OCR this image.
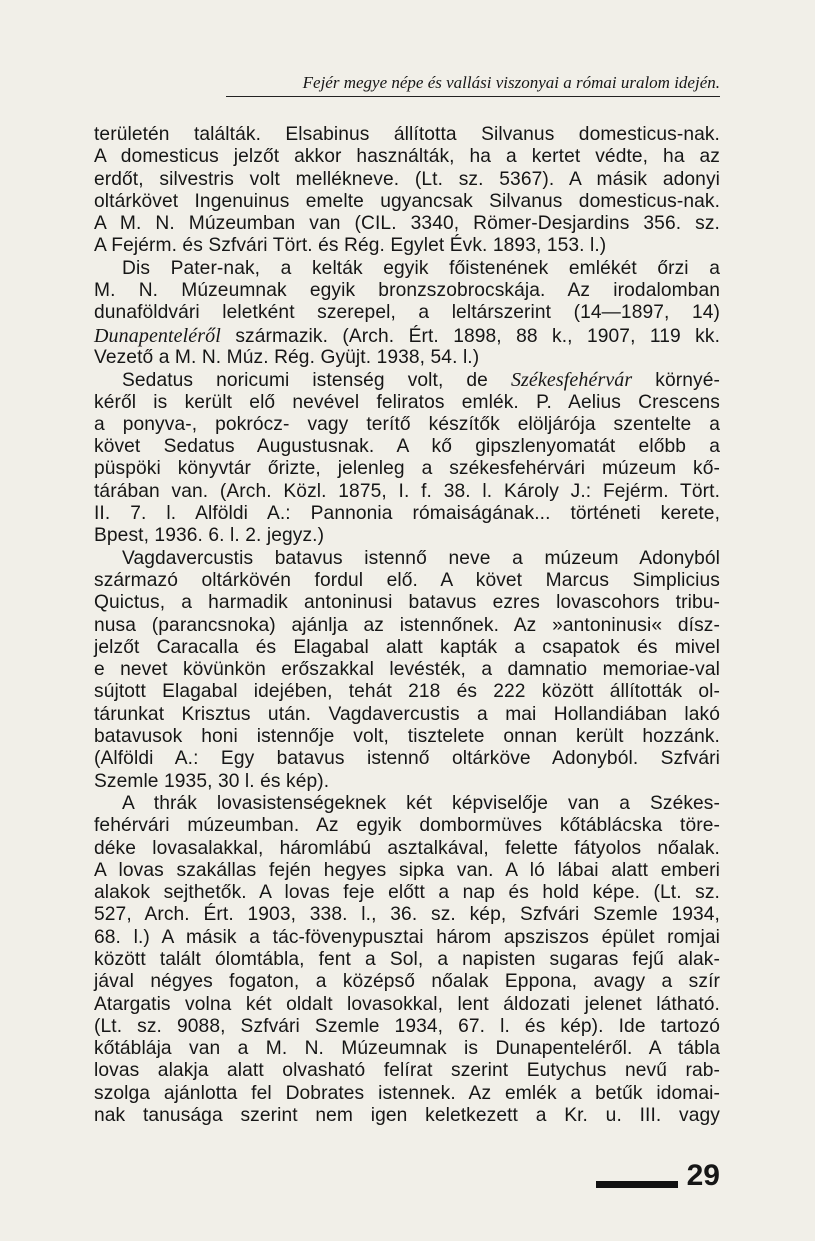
Fejér megye népe és vallási viszonyai a római uralom idején.
területén találták. Elsabinus állította Silvanus domesticus-nak.
A domesticus jelzőt akkor használták, ha a kertet védte, ha az
erdőt, silvestris volt mellékneve. (Lt. sz. 5367). A másik adonyi
oltárkövet Ingenuinus emelte ugyancsak Silvanus domesticus-nak.
A M. N. Múzeumban van (CIL. 3340, Römer-Desjardins 356. sz.
A Fejérm. és Szfvári Tört. és Rég. Egylet Évk. 1893, 153. l.)
Dis Pater-nak, a kelták egyik főistenének emlékét őrzi a
M. N. Múzeumnak egyik bronzszobrocskája. Az irodalomban
dunaföldvári leletként szerepel, a leltárszerint (14—1897, 14)
Dunapenteléről származik. (Arch. Ért. 1898, 88 k., 1907, 119 kk.
Vezető a M. N. Múz. Rég. Gyüjt. 1938, 54. l.)
Sedatus noricumi istenség volt, de Székesfehérvár környé-
kéről is került elő nevével feliratos emlék. P. Aelius Crescens
a ponyva-, pokrócz- vagy terítő készítők elöljárója szentelte a
követ Sedatus Augustusnak. A kő gipszlenyomatát előbb a
püspöki könyvtár őrizte, jelenleg a székesfehérvári múzeum kő-
tárában van. (Arch. Közl. 1875, I. f. 38. l. Károly J.: Fejérm. Tört.
II. 7. l. Alföldi A.: Pannonia rómaiságának... történeti kerete,
Bpest, 1936. 6. l. 2. jegyz.)
Vagdavercustis batavus istennő neve a múzeum Adonyból
származó oltárkövén fordul elő. A követ Marcus Simplicius
Quictus, a harmadik antoninusi batavus ezres lovascohors tribu-
nusa (parancsnoka) ajánlja az istennőnek. Az »antoninusi« dísz-
jelzőt Caracalla és Elagabal alatt kapták a csapatok és mivel
e nevet kövünkön erőszakkal levésték, a damnatio memoriae-val
sújtott Elagabal idejében, tehát 218 és 222 között állították ol-
tárunkat Krisztus után. Vagdavercustis a mai Hollandiában lakó
batavusok honi istennője volt, tisztelete onnan került hozzánk.
(Alföldi A.: Egy batavus istennő oltárköve Adonyból. Szfvári
Szemle 1935, 30 l. és kép).
A thrák lovasistenségeknek két képviselője van a Székes-
fehérvári múzeumban. Az egyik dombormüves kőtáblácska töre-
déke lovasalakkal, háromlábú asztalkával, felette fátyolos nőalak.
A lovas szakállas fején hegyes sipka van. A ló lábai alatt emberi
alakok sejthetők. A lovas feje előtt a nap és hold képe. (Lt. sz.
527, Arch. Ért. 1903, 338. l., 36. sz. kép, Szfvári Szemle 1934,
68. l.) A másik a tác-fövenypusztai három apsziszos épület romjai
között talált ólomtábla, fent a Sol, a napisten sugaras fejű alak-
jával négyes fogaton, a középső nőalak Eppona, avagy a szír
Atargatis volna két oldalt lovasokkal, lent áldozati jelenet látható.
(Lt. sz. 9088, Szfvári Szemle 1934, 67. l. és kép). Ide tartozó
kőtáblája van a M. N. Múzeumnak is Dunapenteléről. A tábla
lovas alakja alatt olvasható felírat szerint Eutychus nevű rab-
szolga ajánlotta fel Dobrates istennek. Az emlék a betűk idomai-
nak tanusága szerint nem igen keletkezett a Kr. u. III. vagy
29
